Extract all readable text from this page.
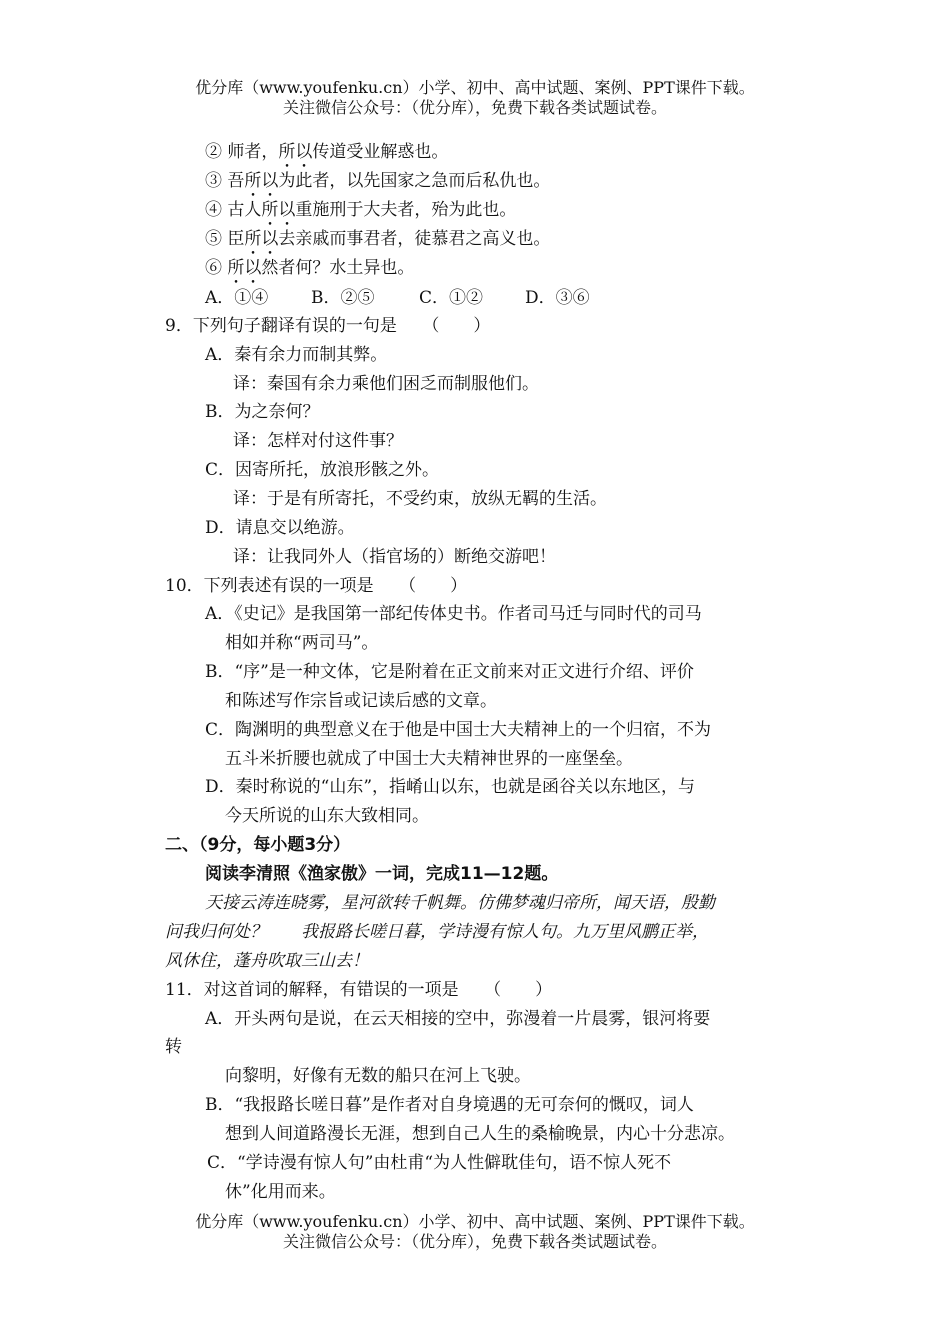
优分库（www.youfenku.cn）小学、初中、高中试题、案例、PPT课件下载。
关注微信公众号：（优分库），免费下载各类试题试卷。
② 师者，所以传道受业解惑也。
③ 吾所以为此者，以先国家之急而后私仇也。
④ 古人所以重施刑于大夫者，殆为此也。
⑤ 臣所以去亲戚而事君者，徒慕君之高义也。
⑥ 所以然者何？水土异也。
A．①④	B．②⑤	C．①② D．③⑥
9．下列句子翻译有误的一句是　　（　　）
A．秦有余力而制其弊。
译：秦国有余力乘他们困乏而制服他们。
B．为之奈何？
译：怎样对付这件事？
C．因寄所托，放浪形骸之外。
译：于是有所寄托，不受约束，放纵无羁的生活。
D．请息交以绝游。
译：让我同外人（指官场的）断绝交游吧！
10．下列表述有误的一项是　　（　　）
A．《史记》是我国第一部纪传体史书。作者司马迁与同时代的司马
相如并称“两司马”。
B．“序”是一种文体，它是附着在正文前来对正文进行介绍、评价
和陈述写作宗旨或记读后感的文章。
C．陶渊明的典型意义在于他是中国士大夫精神上的一个归宿，不为
五斗米折腰也就成了中国士大夫精神世界的一座堡垒。
D．秦时称说的“山东”，指崤山以东，也就是函谷关以东地区，与
今天所说的山东大致相同。
二、（9分，每小题3分）
阅读李清照《渔家傲》一词，完成11—12题。
天接云涛连晓雾，星河欲转千帆舞。仿佛梦魂归帝所，闻天语，殷勤
问我归何处？　　我报路长嗟日暮，学诗漫有惊人句。九万里风鹏正举，
风休住，蓬舟吹取三山去！
11．对这首词的解释，有错误的一项是　　（　　）
A．开头两句是说，在云天相接的空中，弥漫着一片晨雾，银河将要
转
向黎明，好像有无数的船只在河上飞驶。
B．“我报路长嗟日暮”是作者对自身境遇的无可奈何的慨叹，词人
想到人间道路漫长无涯，想到自己人生的桑榆晚景，内心十分悲凉。
C．“学诗漫有惊人句”由杜甫“为人性僻耽佳句，语不惊人死不
休”化用而来。
优分库（www.youfenku.cn）小学、初中、高中试题、案例、PPT课件下载。
关注微信公众号：（优分库），免费下载各类试题试卷。
